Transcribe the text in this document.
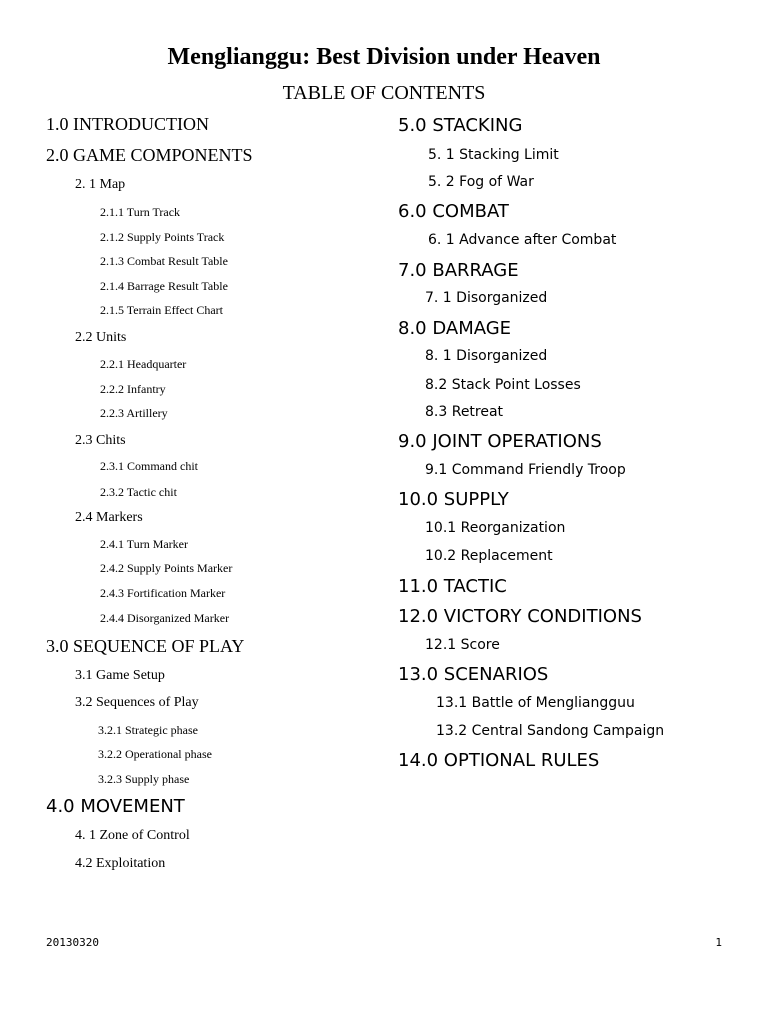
Menglianggu: Best Division under Heaven
TABLE OF CONTENTS
1.0 INTRODUCTION
2.0 GAME COMPONENTS
2. 1 Map
2.1.1 Turn Track
2.1.2 Supply Points Track
2.1.3 Combat Result Table
2.1.4 Barrage Result Table
2.1.5 Terrain Effect Chart
2.2 Units
2.2.1 Headquarter
2.2.2 Infantry
2.2.3 Artillery
2.3 Chits
2.3.1 Command chit
2.3.2 Tactic chit
2.4 Markers
2.4.1 Turn Marker
2.4.2 Supply Points Marker
2.4.3 Fortification Marker
2.4.4 Disorganized Marker
3.0 SEQUENCE OF PLAY
3.1 Game Setup
3.2 Sequences of Play
3.2.1 Strategic phase
3.2.2 Operational phase
3.2.3 Supply phase
4.0 MOVEMENT
4. 1 Zone of Control
4.2 Exploitation
5.0 STACKING
5. 1 Stacking Limit
5. 2 Fog of War
6.0 COMBAT
6. 1 Advance after Combat
7.0 BARRAGE
7. 1 Disorganized
8.0 DAMAGE
8. 1 Disorganized
8.2 Stack Point Losses
8.3 Retreat
9.0 JOINT OPERATIONS
9.1 Command Friendly Troop
10.0 SUPPLY
10.1 Reorganization
10.2 Replacement
11.0 TACTIC
12.0 VICTORY CONDITIONS
12.1 Score
13.0 SCENARIOS
13.1 Battle of Mengliangguu
13.2 Central Sandong Campaign
14.0 OPTIONAL RULES
20130320	1
